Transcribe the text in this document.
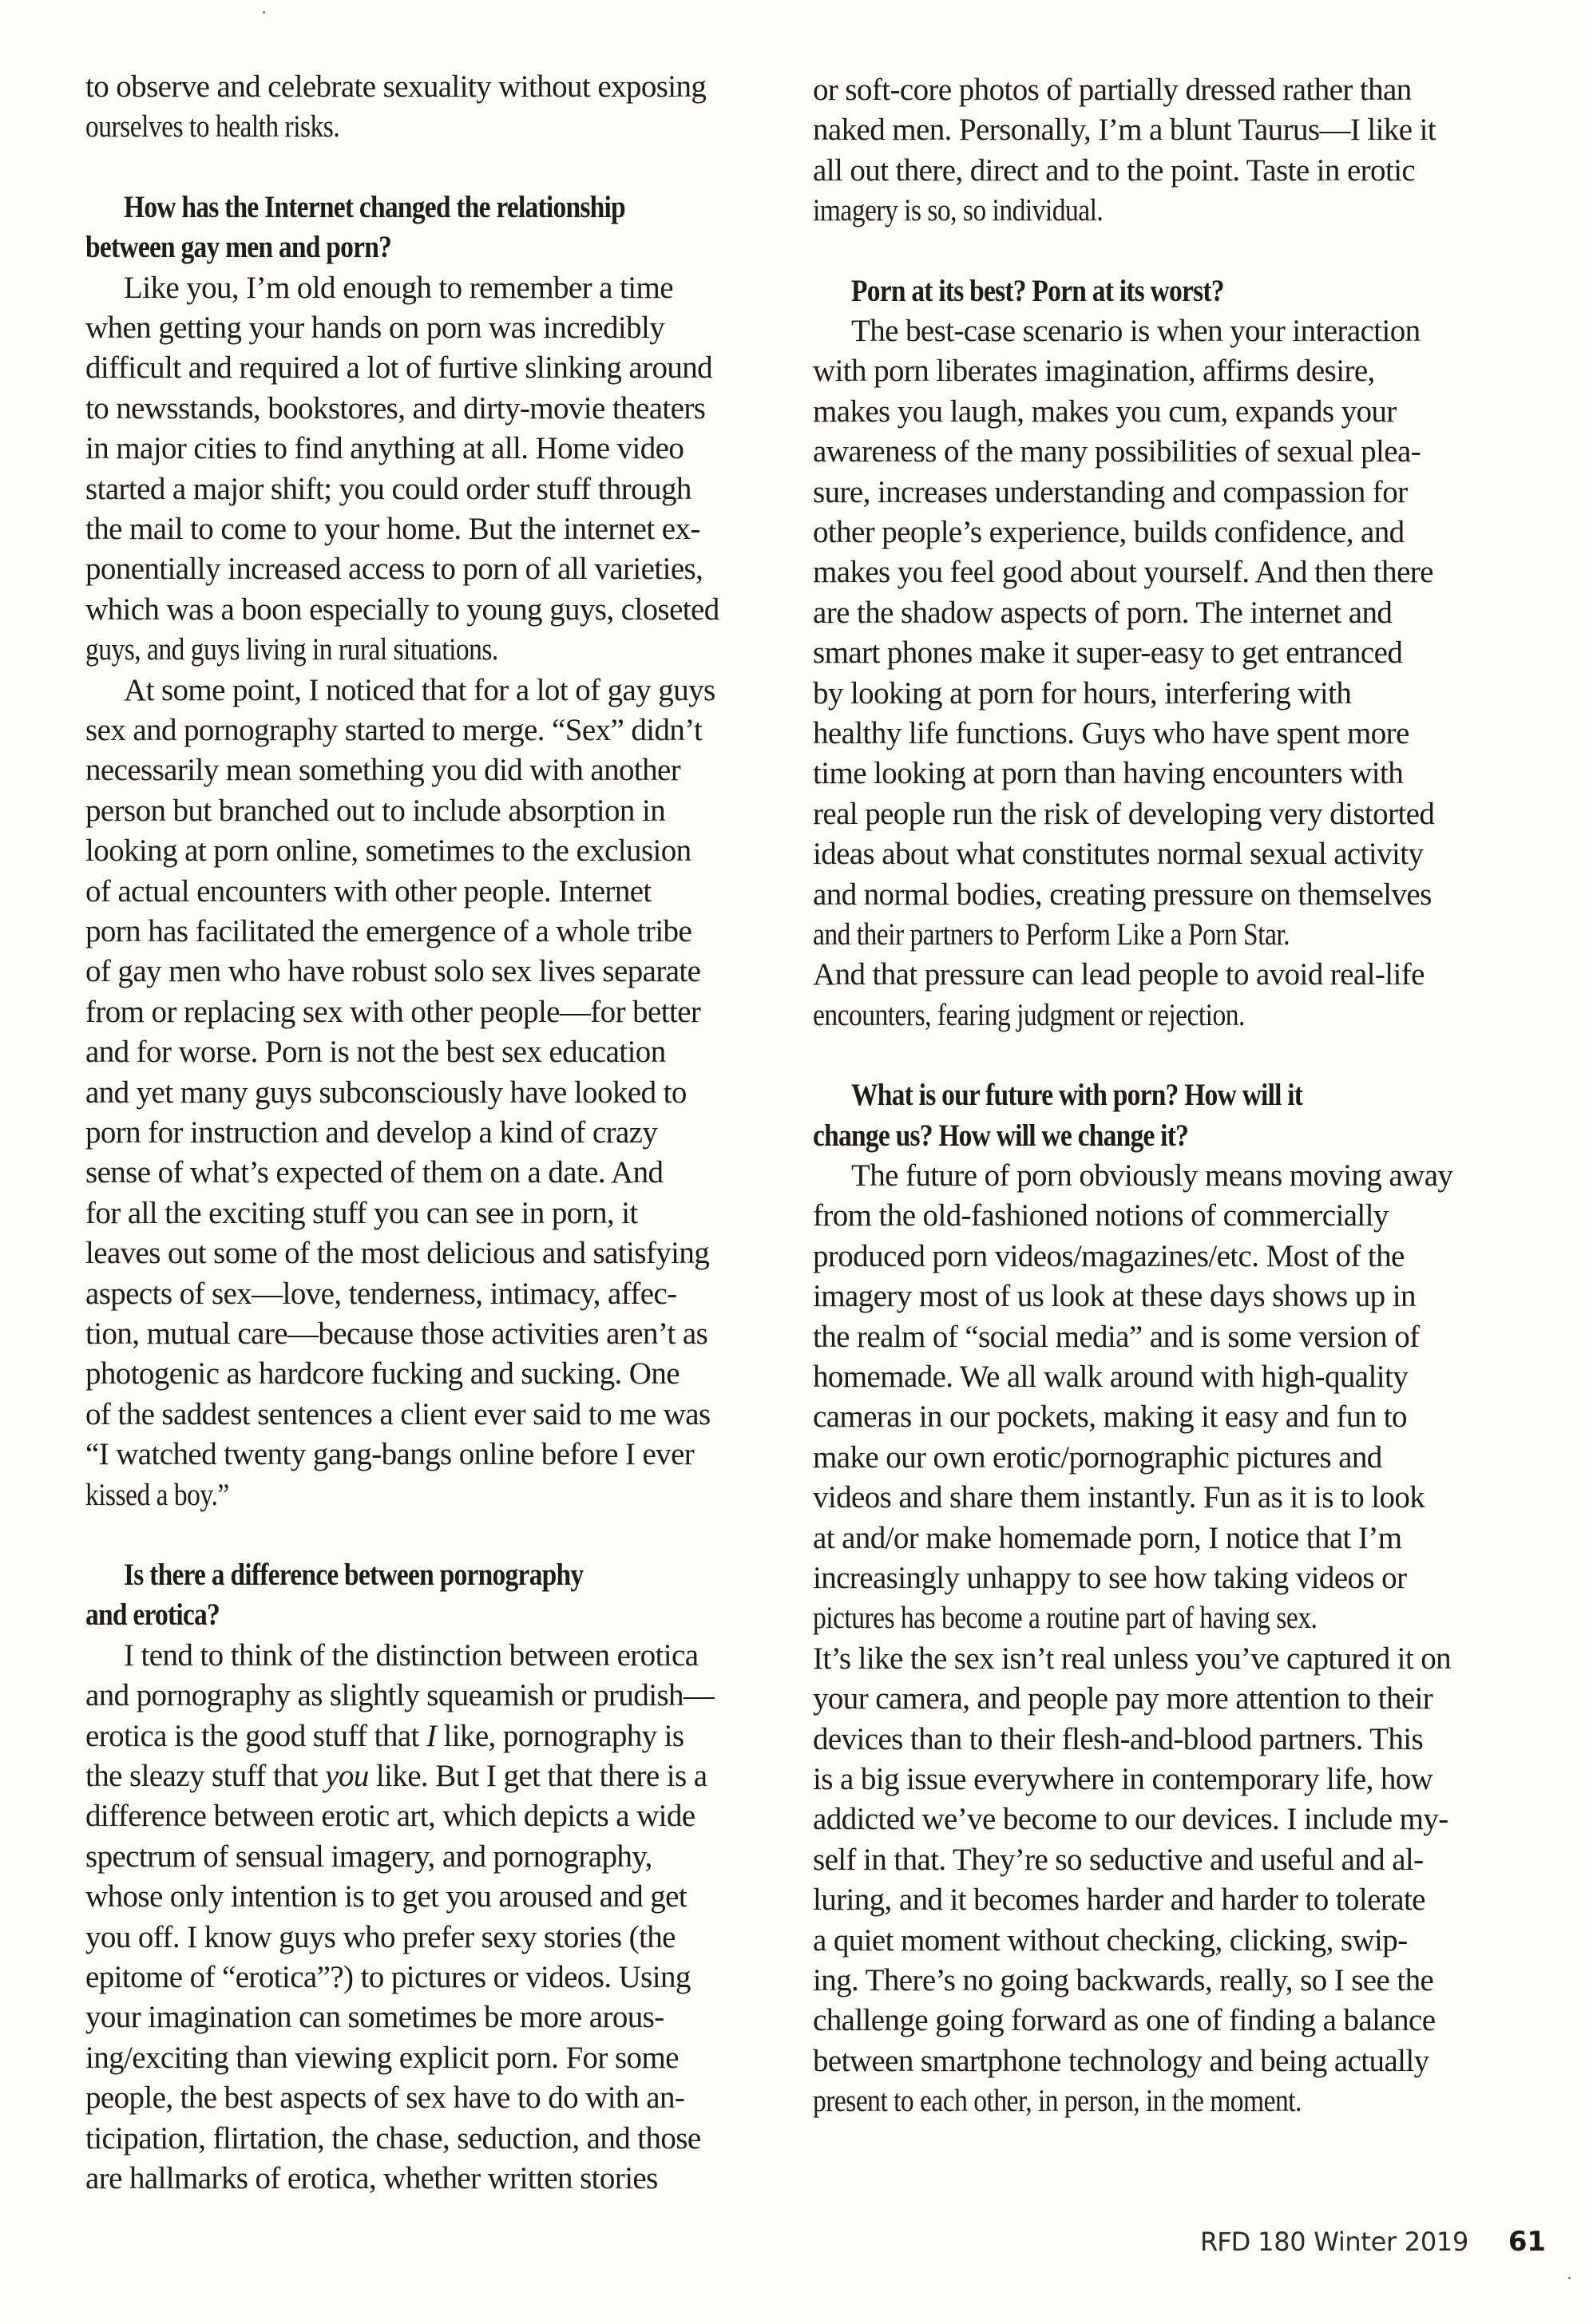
to observe and celebrate sexuality without exposing
ourselves to health risks.
How has the Internet changed the relationship
between gay men and porn?
Like you, I’m old enough to remember a time
when getting your hands on porn was incredibly
difficult and required a lot of furtive slinking around
to newsstands, bookstores, and dirty-movie theaters
in major cities to find anything at all. Home video
started a major shift; you could order stuff through
the mail to come to your home. But the internet ex-
ponentially increased access to porn of all varieties,
which was a boon especially to young guys, closeted
guys, and guys living in rural situations.
At some point, I noticed that for a lot of gay guys
sex and pornography started to merge. “Sex” didn’t
necessarily mean something you did with another
person but branched out to include absorption in
looking at porn online, sometimes to the exclusion
of actual encounters with other people. Internet
porn has facilitated the emergence of a whole tribe
of gay men who have robust solo sex lives separate
from or replacing sex with other people—for better
and for worse. Porn is not the best sex education
and yet many guys subconsciously have looked to
porn for instruction and develop a kind of crazy
sense of what’s expected of them on a date. And
for all the exciting stuff you can see in porn, it
leaves out some of the most delicious and satisfying
aspects of sex—love, tenderness, intimacy, affec-
tion, mutual care—because those activities aren’t as
photogenic as hardcore fucking and sucking. One
of the saddest sentences a client ever said to me was
“I watched twenty gang-bangs online before I ever
kissed a boy.”
Is there a difference between pornography
and erotica?
I tend to think of the distinction between erotica
and pornography as slightly squeamish or prudish—
erotica is the good stuff that I like, pornography is
the sleazy stuff that you like. But I get that there is a
difference between erotic art, which depicts a wide
spectrum of sensual imagery, and pornography,
whose only intention is to get you aroused and get
you off. I know guys who prefer sexy stories (the
epitome of “erotica”?) to pictures or videos. Using
your imagination can sometimes be more arous-
ing/exciting than viewing explicit porn. For some
people, the best aspects of sex have to do with an-
ticipation, flirtation, the chase, seduction, and those
are hallmarks of erotica, whether written stories
or soft-core photos of partially dressed rather than
naked men. Personally, I’m a blunt Taurus—I like it
all out there, direct and to the point. Taste in erotic
imagery is so, so individual.
Porn at its best? Porn at its worst?
The best-case scenario is when your interaction
with porn liberates imagination, affirms desire,
makes you laugh, makes you cum, expands your
awareness of the many possibilities of sexual plea-
sure, increases understanding and compassion for
other people’s experience, builds confidence, and
makes you feel good about yourself. And then there
are the shadow aspects of porn. The internet and
smart phones make it super-easy to get entranced
by looking at porn for hours, interfering with
healthy life functions. Guys who have spent more
time looking at porn than having encounters with
real people run the risk of developing very distorted
ideas about what constitutes normal sexual activity
and normal bodies, creating pressure on themselves
and their partners to Perform Like a Porn Star.
And that pressure can lead people to avoid real-life
encounters, fearing judgment or rejection.
What is our future with porn? How will it
change us? How will we change it?
The future of porn obviously means moving away
from the old-fashioned notions of commercially
produced porn videos/magazines/etc. Most of the
imagery most of us look at these days shows up in
the realm of “social media” and is some version of
homemade. We all walk around with high-quality
cameras in our pockets, making it easy and fun to
make our own erotic/pornographic pictures and
videos and share them instantly. Fun as it is to look
at and/or make homemade porn, I notice that I’m
increasingly unhappy to see how taking videos or
pictures has become a routine part of having sex.
It’s like the sex isn’t real unless you’ve captured it on
your camera, and people pay more attention to their
devices than to their flesh-and-blood partners. This
is a big issue everywhere in contemporary life, how
addicted we’ve become to our devices. I include my-
self in that. They’re so seductive and useful and al-
luring, and it becomes harder and harder to tolerate
a quiet moment without checking, clicking, swip-
ing. There’s no going backwards, really, so I see the
challenge going forward as one of finding a balance
between smartphone technology and being actually
present to each other, in person, in the moment.
RFD 180 Winter 2019 61
